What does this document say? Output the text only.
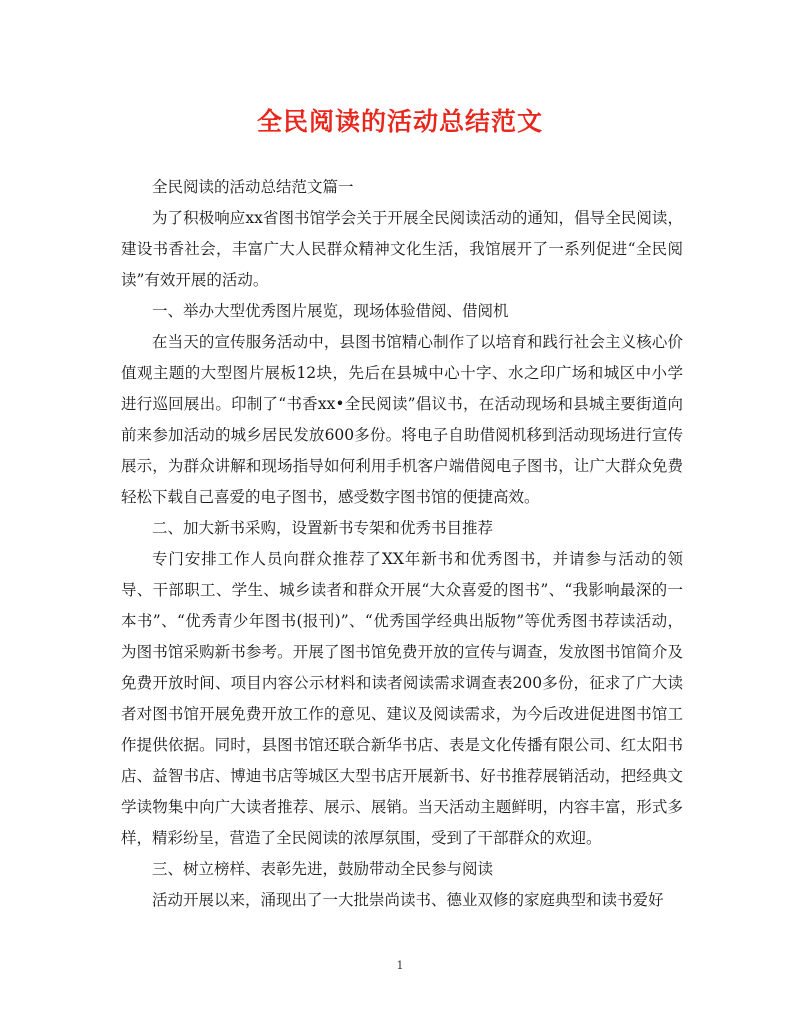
全民阅读的活动总结范文

全民阅读的活动总结范文篇一

为了积极响应xx省图书馆学会关于开展全民阅读活动的通知，倡导全民阅读，建设书香社会，丰富广大人民群众精神文化生活，我馆展开了一系列促进“全民阅读”有效开展的活动。

一、举办大型优秀图片展览，现场体验借阅、借阅机

在当天的宣传服务活动中，县图书馆精心制作了以培育和践行社会主义核心价值观主题的大型图片展板12块，先后在县城中心十字、水之印广场和城区中小学进行巡回展出。印制了“书香xx•全民阅读”倡议书，在活动现场和县城主要街道向前来参加活动的城乡居民发放600多份。将电子自助借阅机移到活动现场进行宣传展示，为群众讲解和现场指导如何利用手机客户端借阅电子图书，让广大群众免费轻松下载自己喜爱的电子图书，感受数字图书馆的便捷高效。

二、加大新书采购，设置新书专架和优秀书目推荐

专门安排工作人员向群众推荐了XX年新书和优秀图书，并请参与活动的领导、干部职工、学生、城乡读者和群众开展“大众喜爱的图书”、“我影响最深的一本书”、“优秀青少年图书(报刊)”、“优秀国学经典出版物”等优秀图书荐读活动，为图书馆采购新书参考。开展了图书馆免费开放的宣传与调查，发放图书馆简介及免费开放时间、项目内容公示材料和读者阅读需求调查表200多份，征求了广大读者对图书馆开展免费开放工作的意见、建议及阅读需求，为今后改进促进图书馆工作提供依据。同时，县图书馆还联合新华书店、表是文化传播有限公司、红太阳书店、益智书店、博迪书店等城区大型书店开展新书、好书推荐展销活动，把经典文学读物集中向广大读者推荐、展示、展销。当天活动主题鲜明，内容丰富，形式多样，精彩纷呈，营造了全民阅读的浓厚氛围，受到了干部群众的欢迎。

三、树立榜样、表彰先进，鼓励带动全民参与阅读

活动开展以来，涌现出了一大批崇尚读书、德业双修的家庭典型和读书爱好

1
